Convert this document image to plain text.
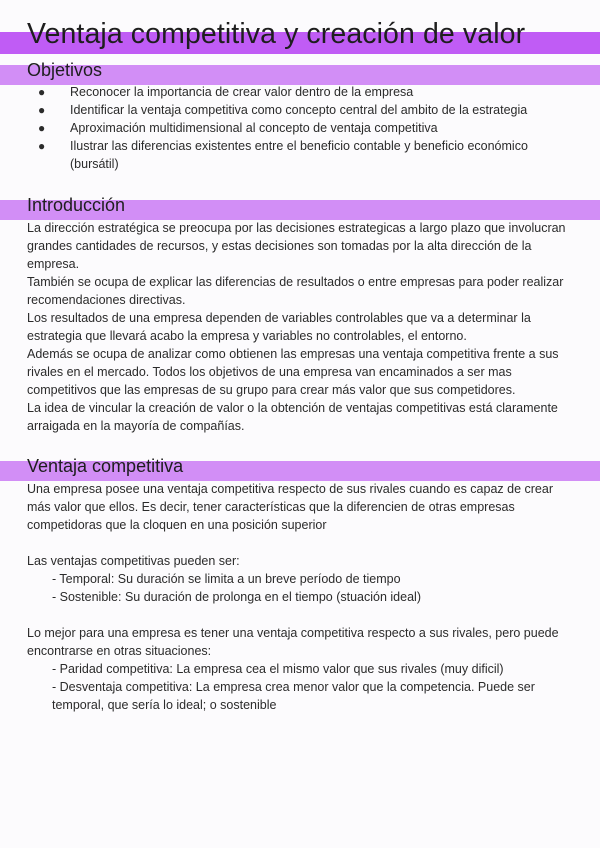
Ventaja competitiva y creación de valor
Objetivos
● Reconocer la importancia de crear valor dentro de la empresa
● Identificar la ventaja competitiva como concepto central del ambito de la estrategia
● Aproximación multidimensional al concepto de ventaja competitiva
● Ilustrar las diferencias existentes entre el beneficio contable y beneficio económico (bursátil)
Introducción

La dirección estratégica se preocupa por las decisiones estrategicas a largo plazo que involucran grandes cantidades de recursos, y estas decisiones son tomadas por la alta dirección de la empresa.

También se ocupa de explicar las diferencias de resultados o entre empresas para poder realizar recomendaciones directivas.

Los resultados de una empresa dependen de variables controlables que va a determinar la estrategia que llevará acabo la empresa y variables no controlables, el entorno.

Además se ocupa de analizar como obtienen las empresas una ventaja competitiva frente a sus rivales en el mercado. Todos los objetivos de una empresa van encaminados a ser mas competitivos que las empresas de su grupo para crear más valor que sus competidores.

La idea de vincular la creación de valor o la obtención de ventajas competitivas está claramente arraigada en la mayoría de compañías.

Ventaja competitiva

Una empresa posee una ventaja competitiva respecto de sus rivales cuando es capaz de crear más valor que ellos. Es decir, tener características que la diferencien de otras empresas competidoras que la cloquen en una posición superior

Las ventajas competitivas pueden ser:

- Temporal: Su duración se limita a un breve período de tiempo
- Sostenible: Su duración de prolonga en el tiempo (stuación ideal)

Lo mejor para una empresa es tener una ventaja competitiva respecto a sus rivales, pero puede encontrarse en otras situaciones:

- Paridad competitiva: La empresa cea el mismo valor que sus rivales (muy dificil)
- Desventaja competitiva: La empresa crea menor valor que la competencia. Puede ser temporal, que sería lo ideal; o sostenible
